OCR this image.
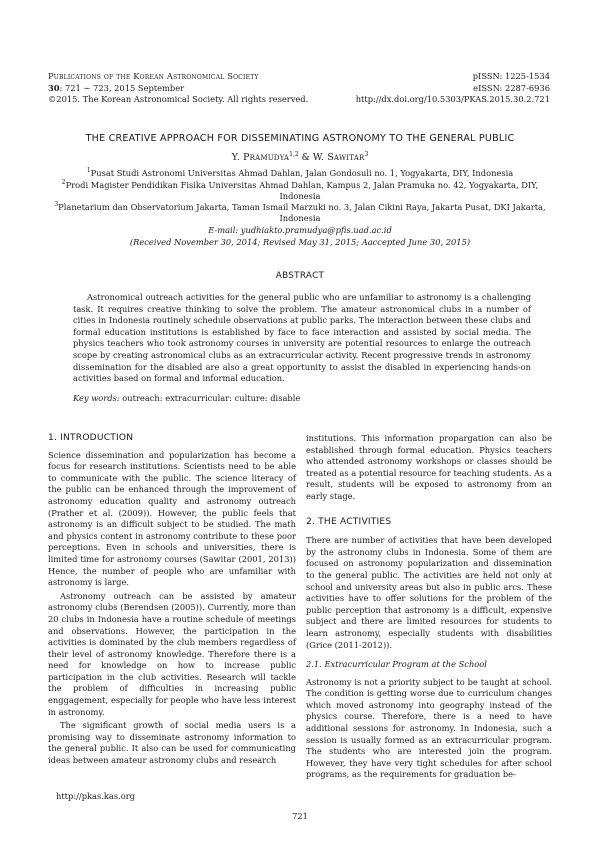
Publications of the Korean Astronomical Society
30: 721 ∼ 723, 2015 September
©2015. The Korean Astronomical Society. All rights reserved.
pISSN: 1225-1534
eISSN: 2287-6936
http://dx.doi.org/10.5303/PKAS.2015.30.2.721
THE CREATIVE APPROACH FOR DISSEMINATING ASTRONOMY TO THE GENERAL PUBLIC
Y. Pramudya$^{1,2}$ & W. Sawitar$^3$
$^1$Pusat Studi Astronomi Universitas Ahmad Dahlan, Jalan Gondosuli no. 1, Yogyakarta, DIY, Indonesia
$^2$Prodi Magister Pendidikan Fisika Universitas Ahmad Dahlan, Kampus 2, Jalan Pramuka no. 42, Yogyakarta, DIY,
Indonesia
$^3$Planetarium dan Observatorium Jakarta, Taman Ismail Marzuki no. 3, Jalan Cikini Raya, Jakarta Pusat, DKI Jakarta,
Indonesia
E-mail: yudhiakto.pramudya@pfis.uad.ac.id
(Received November 30, 2014; Revised May 31, 2015; Aaccepted June 30, 2015)
ABSTRACT

Astronomical outreach activities for the general public who are unfamiliar to astronomy is a challenging task. It requires creative thinking to solve the problem. The amateur astronomical clubs in a number of cities in Indonesia routinely schedule observations at public parks. The interaction between these clubs and formal education institutions is established by face to face interaction and assisted by social media. The physics teachers who took astronomy courses in university are potential resources to enlarge the outreach scope by creating astronomical clubs as an extracurricular activity. Recent progressive trends in astronomy dissemination for the disabled are also a great opportunity to assist the disabled in experiencing hands-on activities based on formal and informal education.

Key words: outreach: extracurricular: culture: disable
1. INTRODUCTION

Science dissemination and popularization has become a focus for research institutions. Scientists need to be able to communicate with the public. The science literacy of the public can be enhanced through the improvement of astronomy education quality and astronomy outreach (Prather et al. (2009)). However, the public feels that astronomy is an difficult subject to be studied. The math and physics content in astronomy contribute to these poor perceptions. Even in schools and universities, there is limited time for astronomy courses (Sawitar (2001, 2013)) Hence, the number of people who are unfamiliar with astronomy is large.

Astronomy outreach can be assisted by amateur astronomy clubs (Berendsen (2005)). Currently, more than 20 clubs in Indonesia have a routine schedule of meetings and observations. However, the participation in the activities is dominated by the club members regardless of their level of astronomy knowledge. Therefore there is a need for knowledge on how to increase public participation in the club activities. Research will tackle the problem of difficulties in increasing public enggagement, especially for people who have less interest in astronomy.

The significant growth of social media users is a promising way to disseminate astronomy information to the general public. It also can be used for communicating ideas between amateur astronomy clubs and research

institutions. This information propargation can also be established through formal education. Physics teachers who attended astronomy workshops or classes should be treated as a potential resource for teaching students. As a result, students will be exposed to astronomy from an early stage.

2. THE ACTIVITIES

There are number of activities that have been developed by the astronomy clubs in Indonesia. Some of them are focused on astronomy popularization and dissemination to the general public. The activities are held not only at school and university areas but also in public arcs. These activities have to offer solutions for the problem of the public perception that astronomy is a difficult, expensive subject and there are limited resources for students to learn astronomy, especially students with disabilities (Grice (2011-2012)).

2.1. Extracurricular Program at the School

Astronomy is not a priority subject to be taught at school. The condition is getting worse due to curriculum changes which moved astronomy into geography instead of the physics course. Therefore, there is a need to have additional sessions for astronomy. In Indonesia, such a session is usually formed as an extracurricular program. The students who are interested join the program. However, they have very tight schedules for after school programs, as the requirements for graduation be-

http://pkas.kas.org
721
